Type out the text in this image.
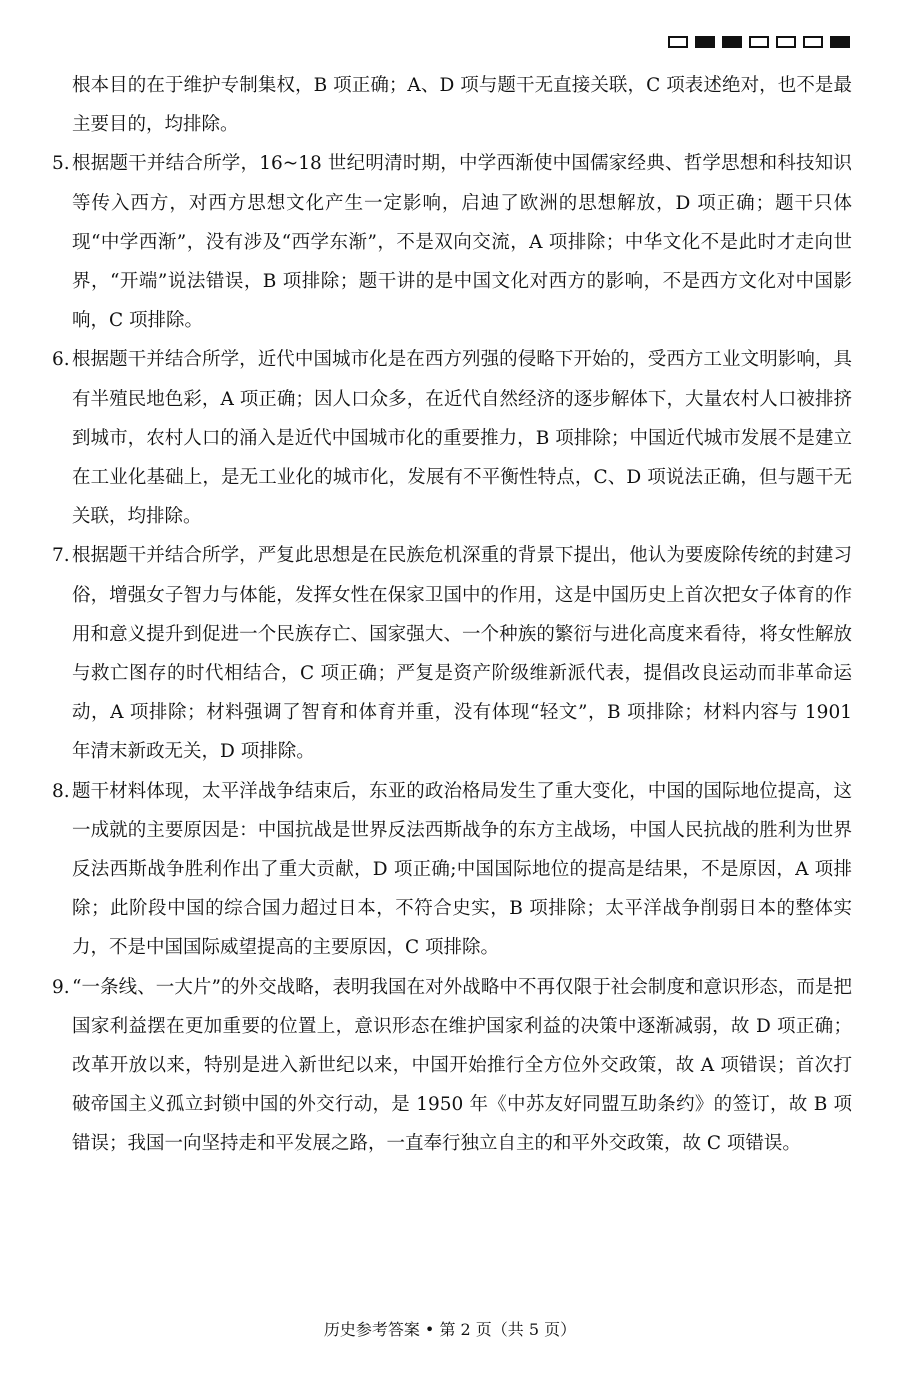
根本目的在于维护专制集权，B 项正确；A、D 项与题干无直接关联，C 项表述绝对，也不是最主要目的，均排除。

5. 根据题干并结合所学，16~18 世纪明清时期，中学西渐使中国儒家经典、哲学思想和科技知识等传入西方，对西方思想文化产生一定影响，启迪了欧洲的思想解放，D 项正确；题干只体现“中学西渐”，没有涉及“西学东渐”，不是双向交流，A 项排除；中华文化不是此时才走向世界，“开端”说法错误，B 项排除；题干讲的是中国文化对西方的影响，不是西方文化对中国影响，C 项排除。
6. 根据题干并结合所学，近代中国城市化是在西方列强的侵略下开始的，受西方工业文明影响，具有半殖民地色彩，A 项正确；因人口众多，在近代自然经济的逐步解体下，大量农村人口被排挤到城市，农村人口的涌入是近代中国城市化的重要推力，B 项排除；中国近代城市发展不是建立在工业化基础上，是无工业化的城市化，发展有不平衡性特点，C、D 项说法正确，但与题干无关联，均排除。
7. 根据题干并结合所学，严复此思想是在民族危机深重的背景下提出，他认为要废除传统的封建习俗，增强女子智力与体能，发挥女性在保家卫国中的作用，这是中国历史上首次把女子体育的作用和意义提升到促进一个民族存亡、国家强大、一个种族的繁衍与进化高度来看待，将女性解放与救亡图存的时代相结合，C 项正确；严复是资产阶级维新派代表，提倡改良运动而非革命运动，A 项排除；材料强调了智育和体育并重，没有体现“轻文”，B 项排除；材料内容与 1901 年清末新政无关，D 项排除。
8. 题干材料体现，太平洋战争结束后，东亚的政治格局发生了重大变化，中国的国际地位提高，这一成就的主要原因是：中国抗战是世界反法西斯战争的东方主战场，中国人民抗战的胜利为世界反法西斯战争胜利作出了重大贡献，D 项正确;中国国际地位的提高是结果，不是原因，A 项排除；此阶段中国的综合国力超过日本，不符合史实，B 项排除；太平洋战争削弱日本的整体实力，不是中国国际威望提高的主要原因，C 项排除。
9. “一条线、一大片”的外交战略，表明我国在对外战略中不再仅限于社会制度和意识形态，而是把国家利益摆在更加重要的位置上，意识形态在维护国家利益的决策中逐渐减弱，故 D 项正确；改革开放以来，特别是进入新世纪以来，中国开始推行全方位外交政策，故 A 项错误；首次打破帝国主义孤立封锁中国的外交行动，是 1950 年《中苏友好同盟互助条约》的签订，故 B 项错误；我国一向坚持走和平发展之路，一直奉行独立自主的和平外交政策，故 C 项错误。
历史参考答案 • 第 2 页（共 5 页）
